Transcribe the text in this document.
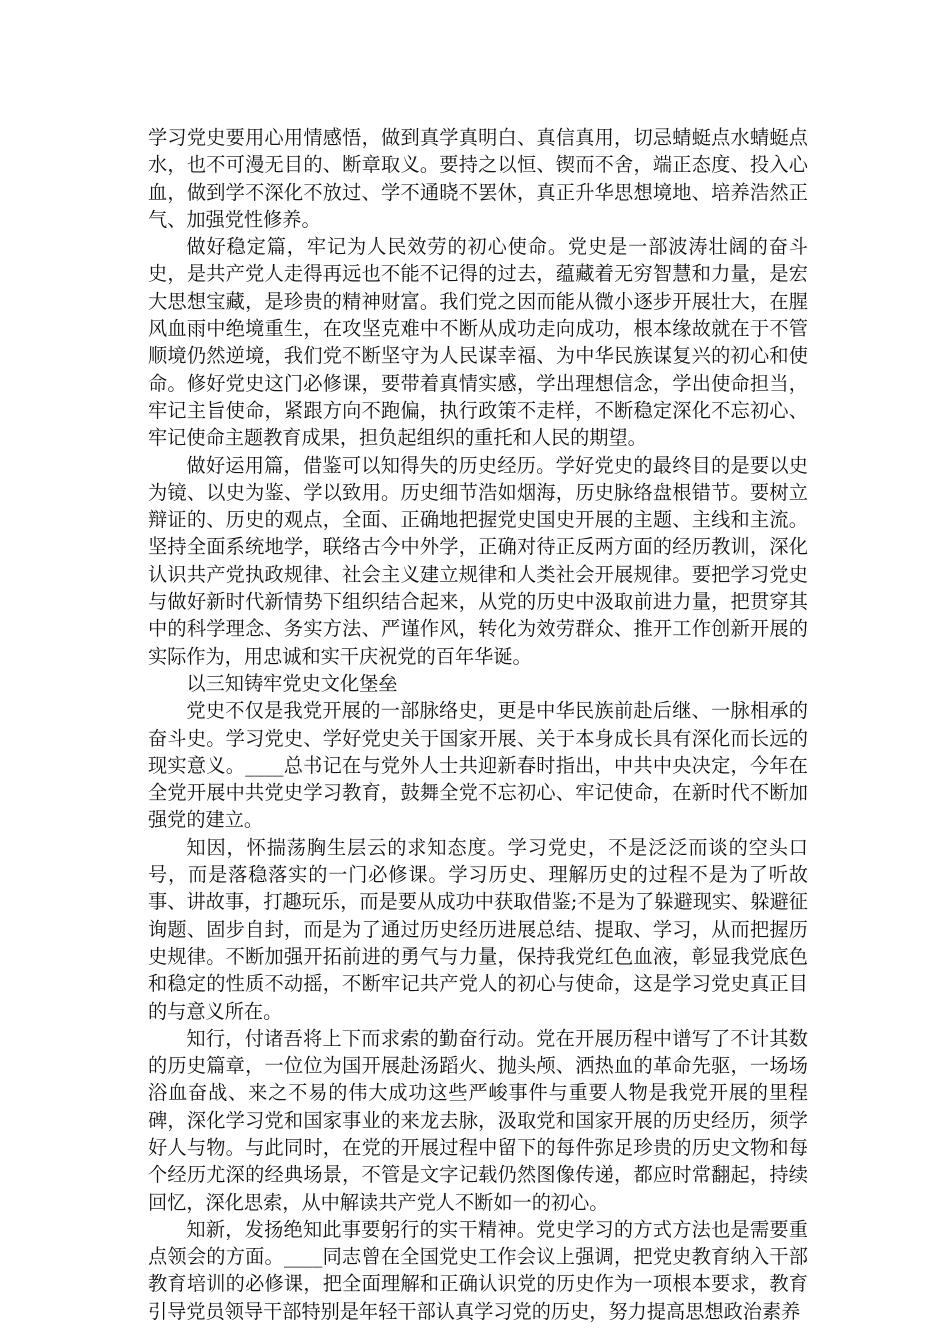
学习党史要用心用情感悟，做到真学真明白、真信真用，切忌蜻蜓点水蜻蜓点水，也不可漫无目的、断章取义。要持之以恒、锲而不舍，端正态度、投入心血，做到学不深化不放过、学不通晓不罢休，真正升华思想境地、培养浩然正气、加强党性修养。

做好稳定篇，牢记为人民效劳的初心使命。党史是一部波涛壮阔的奋斗史，是共产党人走得再远也不能不记得的过去，蕴藏着无穷智慧和力量，是宏大思想宝藏，是珍贵的精神财富。我们党之因而能从微小逐步开展壮大，在腥风血雨中绝境重生，在攻坚克难中不断从成功走向成功，根本缘故就在于不管顺境仍然逆境，我们党不断坚守为人民谋幸福、为中华民族谋复兴的初心和使命。修好党史这门必修课，要带着真情实感，学出理想信念，学出使命担当，牢记主旨使命，紧跟方向不跑偏，执行政策不走样，不断稳定深化不忘初心、牢记使命主题教育成果，担负起组织的重托和人民的期望。

做好运用篇，借鉴可以知得失的历史经历。学好党史的最终目的是要以史为镜、以史为鉴、学以致用。历史细节浩如烟海，历史脉络盘根错节。要树立辩证的、历史的观点，全面、正确地把握党史国史开展的主题、主线和主流。坚持全面系统地学，联络古今中外学，正确对待正反两方面的经历教训，深化认识共产党执政规律、社会主义建立规律和人类社会开展规律。要把学习党史与做好新时代新情势下组织结合起来，从党的历史中汲取前进力量，把贯穿其中的科学理念、务实方法、严谨作风，转化为效劳群众、推开工作创新开展的实际作为，用忠诚和实干庆祝党的百年华诞。

以三知铸牢党史文化堡垒

党史不仅是我党开展的一部脉络史，更是中华民族前赴后继、一脉相承的奋斗史。学习党史、学好党史关于国家开展、关于本身成长具有深化而长远的现实意义。____总书记在与党外人士共迎新春时指出，中共中央决定，今年在全党开展中共党史学习教育，鼓舞全党不忘初心、牢记使命，在新时代不断加强党的建立。

知因，怀揣荡胸生层云的求知态度。学习党史，不是泛泛而谈的空头口号，而是落稳落实的一门必修课。学习历史、理解历史的过程不是为了听故事、讲故事，打趣玩乐，而是要从成功中获取借鉴;不是为了躲避现实、躲避征询题、固步自封，而是为了通过历史经历进展总结、提取、学习，从而把握历史规律。不断加强开拓前进的勇气与力量，保持我党红色血液，彰显我党底色和稳定的性质不动摇，不断牢记共产党人的初心与使命，这是学习党史真正目的与意义所在。

知行，付诸吾将上下而求索的勤奋行动。党在开展历程中谱写了不计其数的历史篇章，一位位为国开展赴汤蹈火、抛头颅、洒热血的革命先驱，一场场浴血奋战、来之不易的伟大成功这些严峻事件与重要人物是我党开展的里程碑，深化学习党和国家事业的来龙去脉，汲取党和国家开展的历史经历，须学好人与物。与此同时，在党的开展过程中留下的每件弥足珍贵的历史文物和每个经历尤深的经典场景，不管是文字记载仍然图像传递，都应时常翻起，持续回忆，深化思索，从中解读共产党人不断如一的初心。

知新，发扬绝知此事要躬行的实干精神。党史学习的方式方法也是需要重点领会的方面。____同志曾在全国党史工作会议上强调，把党史教育纳入干部教育培训的必修课，把全面理解和正确认识党的历史作为一项根本要求，教育引导党员领导干部特别是年轻干部认真学习党的历史，努力提高思想政治素养
